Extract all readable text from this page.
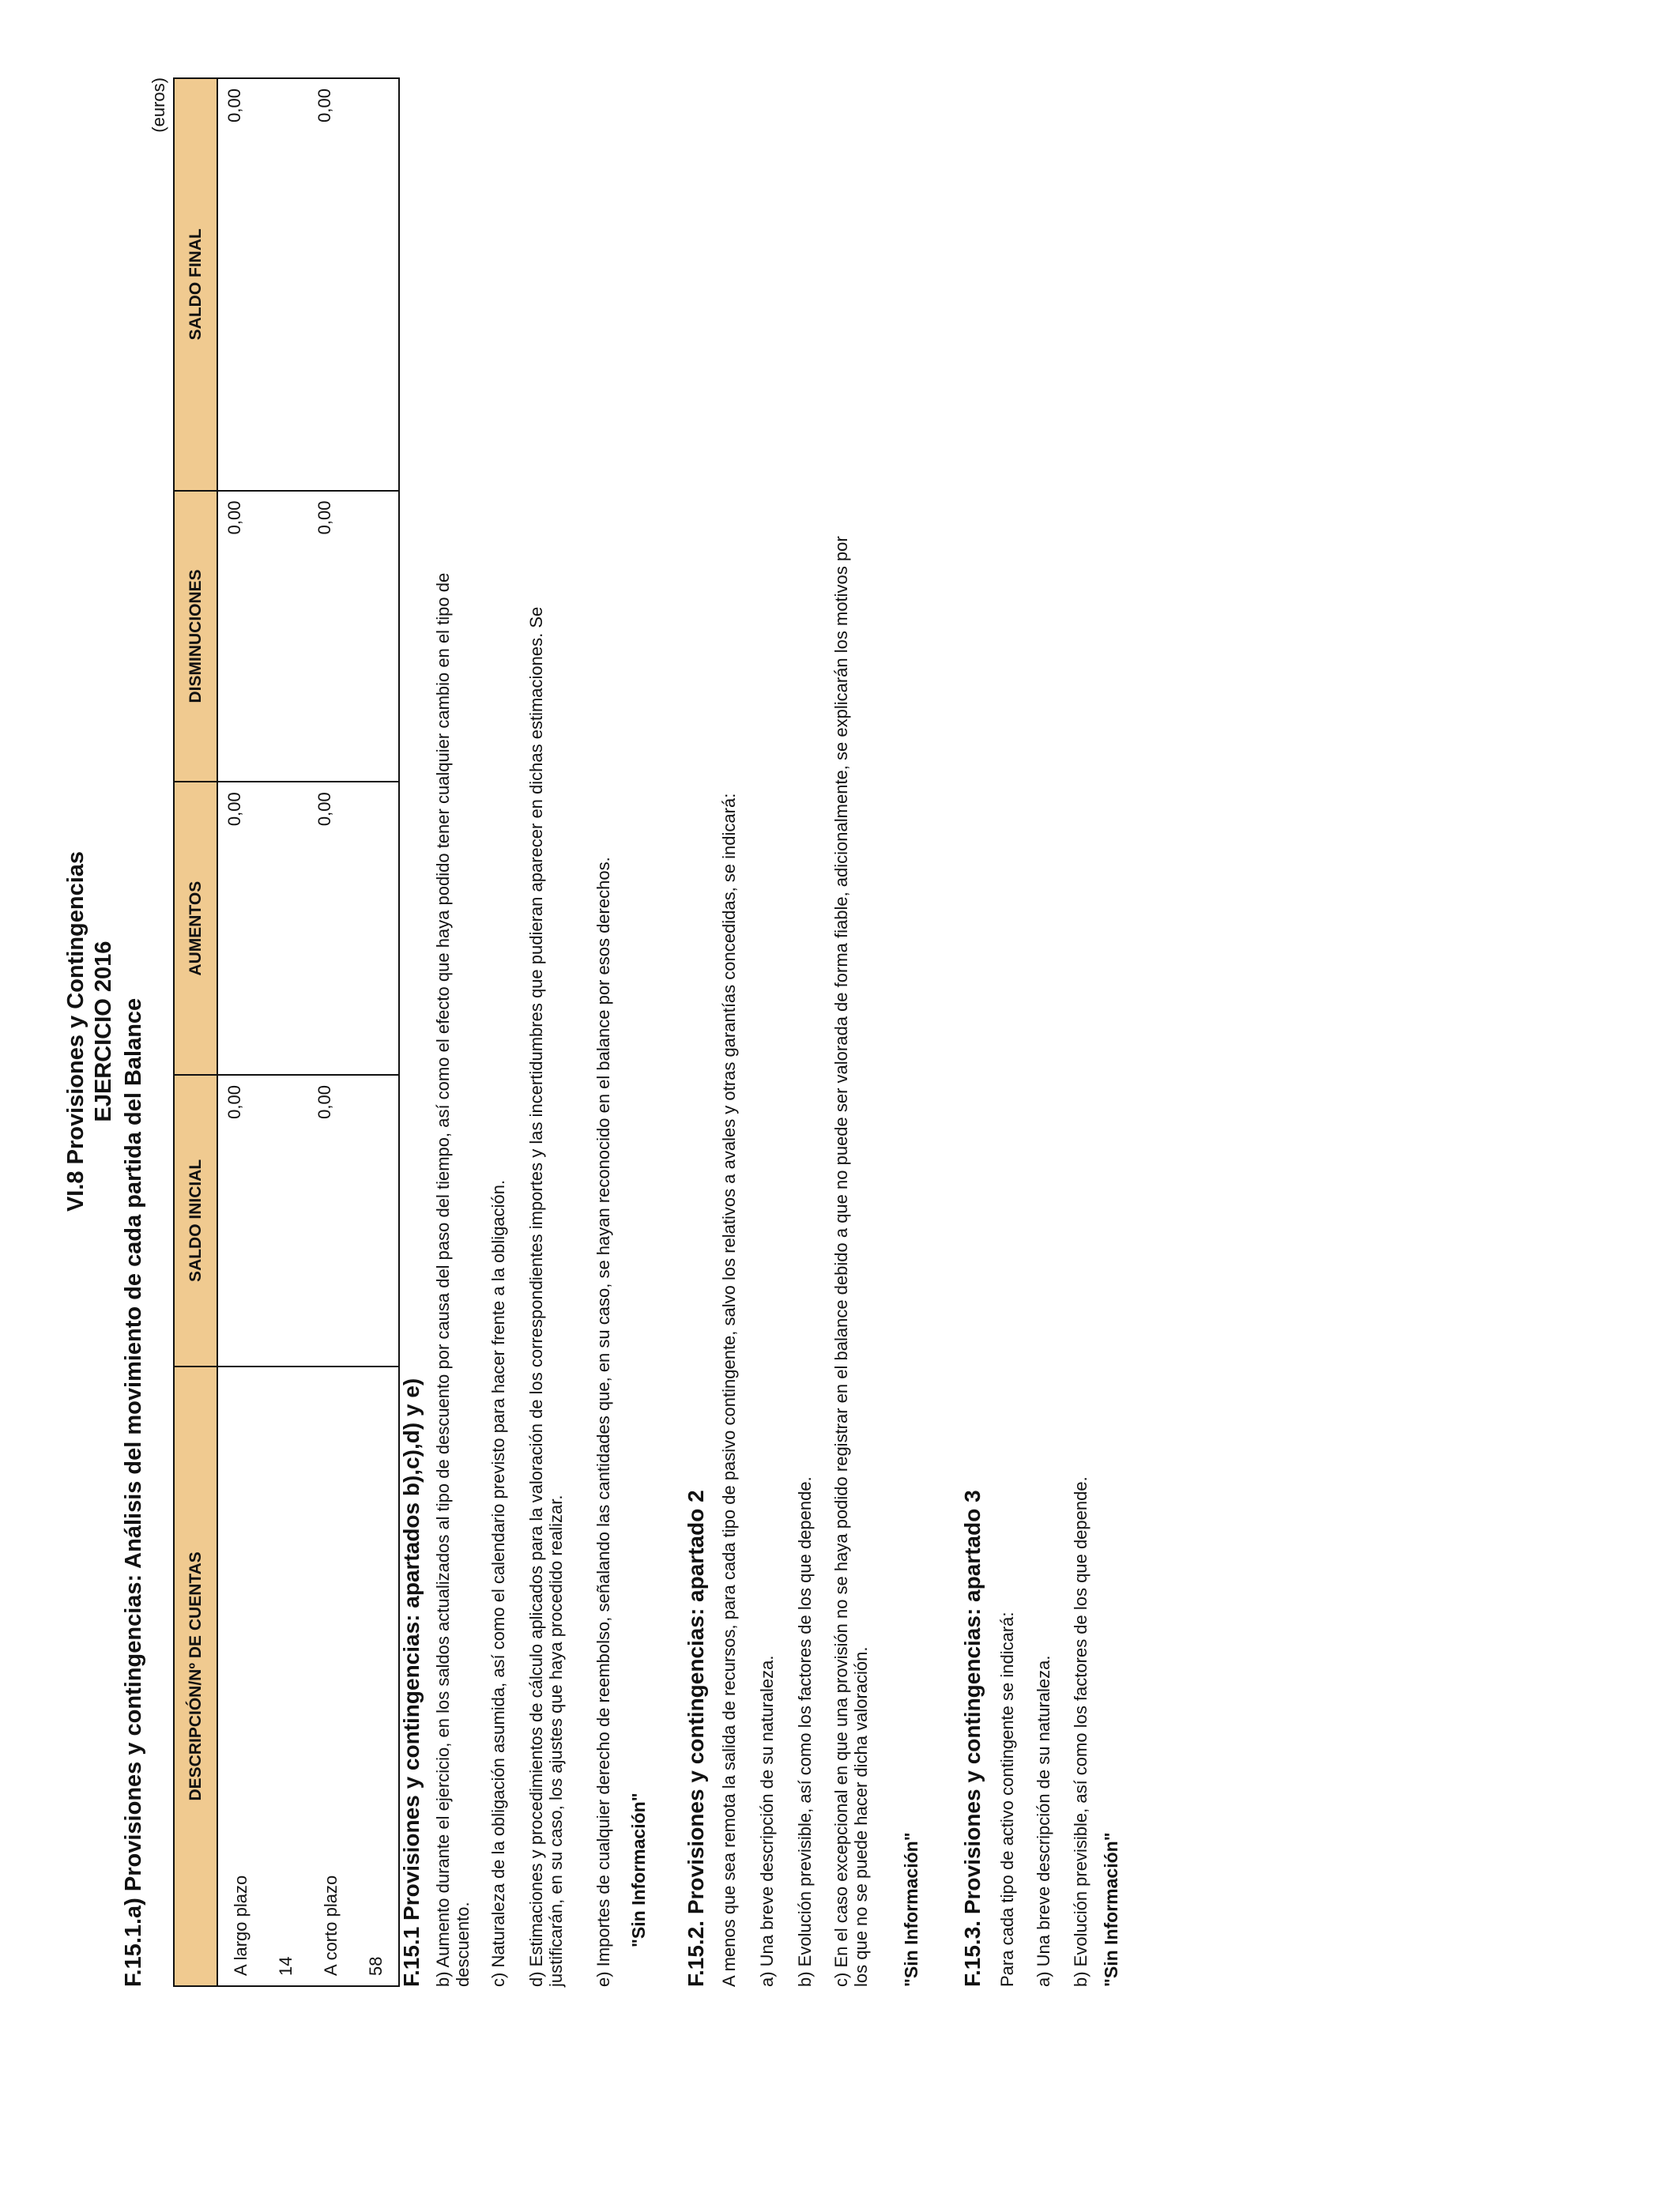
VI.8 Provisiones y Contingencias EJERCICIO 2016 F.15.1.a) Provisiones y contingencias: Análisis del movimiento de cada partida del Balance
(euros)
DESCRIPCIÓN/Nº DE CUENTAS	SALDO INICIAL	AUMENTOS	DISMINUCIONES	SALDO FINAL
A largo plazo	0,00	0,00	0,00	0,00
14				
A corto plazo	0,00	0,00	0,00	0,00
58				F.15.1 Provisiones y contingencias: apartados b),c),d) y e) b) Aumento durante el ejercicio, en los saldos actualizados al tipo de descuento por causa del paso del tiempo, así como el efecto que haya podido tener cualquier cambio en el tipo de descuento. c) Naturaleza de la obligación asumida, así como el calendario previsto para hacer frente a la obligación. d) Estimaciones y procedimientos de cálculo aplicados para la valoración de los correspondientes importes y las incertidumbres que pudieran aparecer en dichas estimaciones. Se justificarán, en su caso, los ajustes que haya procedido realizar. e) Importes de cualquier derecho de reembolso, señalando las cantidades que, en su caso, se hayan reconocido en el balance por esos derechos. "Sin Información" F.15.2. Provisiones y contingencias: apartado 2 A menos que sea remota la salida de recursos, para cada tipo de pasivo contingente, salvo los relativos a avales y otras garantías concedidas, se indicará: a) Una breve descripción de su naturaleza. b) Evolución previsible, así como los factores de los que depende. c) En el caso excepcional en que una provisión no se haya podido registrar en el balance debido a que no puede ser valorada de forma fiable, adicionalmente, se explicarán los motivos por los que no se puede hacer dicha valoración. "Sin Información" F.15.3. Provisiones y contingencias: apartado 3 Para cada tipo de activo contingente se indicará: a) Una breve descripción de su naturaleza. b) Evolución previsible, así como los factores de los que depende. "Sin Información"
